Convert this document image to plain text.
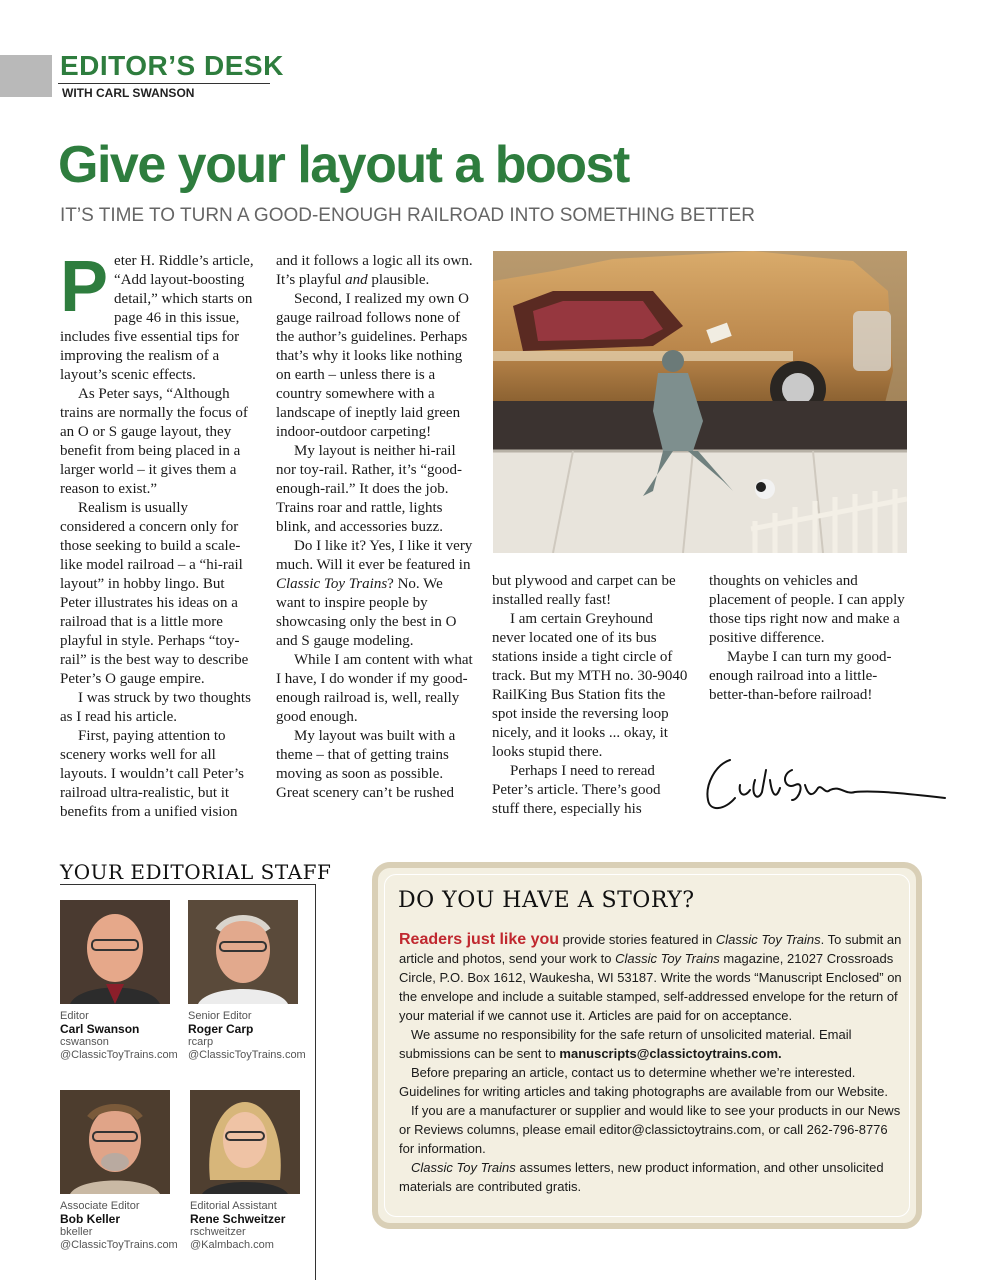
EDITOR’S DESK
WITH CARL SWANSON
Give your layout a boost
IT’S TIME TO TURN A GOOD-ENOUGH RAILROAD INTO SOMETHING BETTER

Peter H. Riddle’s article, “Add layout-boosting detail,” which starts on page 46 in this issue, includes five essential tips for improving the realism of a layout’s scenic effects.

As Peter says, “Although trains are normally the focus of an O or S gauge layout, they benefit from being placed in a larger world – it gives them a reason to exist.”

Realism is usually considered a concern only for those seeking to build a scale-like model railroad – a “hi-rail layout” in hobby lingo. But Peter illustrates his ideas on a railroad that is a little more playful in style. Perhaps “toy-rail” is the best way to describe Peter’s O gauge empire.

I was struck by two thoughts as I read his article.

First, paying attention to scenery works well for all layouts. I wouldn’t call Peter’s railroad ultra-realistic, but it benefits from a unified vision

and it follows a logic all its own. It’s playful and plausible.

Second, I realized my own O gauge railroad follows none of the author’s guidelines. Perhaps that’s why it looks like nothing on earth – unless there is a country somewhere with a landscape of ineptly laid green indoor-outdoor carpeting!

My layout is neither hi-rail nor toy-rail. Rather, it’s “good-enough-rail.” It does the job. Trains roar and rattle, lights blink, and accessories buzz.

Do I like it? Yes, I like it very much. Will it ever be featured in Classic Toy Trains? No. We want to inspire people by showcasing only the best in O and S gauge modeling.

While I am content with what I have, I do wonder if my good-enough railroad is, well, really good enough.

My layout was built with a theme – that of getting trains moving as soon as possible. Great scenery can’t be rushed

but plywood and carpet can be installed really fast!

I am certain Greyhound never located one of its bus stations inside a tight circle of track. But my MTH no. 30-9040 RailKing Bus Station fits the spot inside the reversing loop nicely, and it looks ... okay, it looks stupid there.

Perhaps I need to reread Peter’s article. There’s good stuff there, especially his

thoughts on vehicles and placement of people. I can apply those tips right now and make a positive difference.

Maybe I can turn my good-enough railroad into a little-better-than-before railroad!

YOUR EDITORIAL STAFF
Editor
Carl Swanson
cswanson
@ClassicToyTrains.com
Senior Editor
Roger Carp
rcarp
@ClassicToyTrains.com
Associate Editor
Bob Keller
bkeller
@ClassicToyTrains.com
Editorial Assistant
Rene Schweitzer
rschweitzer
@Kalmbach.com
DO YOU HAVE A STORY?

Readers just like you provide stories featured in Classic Toy Trains. To submit an article and photos, send your work to Classic Toy Trains magazine, 21027 Crossroads Circle, P.O. Box 1612, Waukesha, WI 53187. Write the words “Manuscript Enclosed” on the envelope and include a suitable stamped, self-addressed envelope for the return of your material if we cannot use it. Articles are paid for on acceptance.

We assume no responsibility for the safe return of unsolicited material. Email submissions can be sent to manuscripts@classictoytrains.com.

Before preparing an article, contact us to determine whether we’re interested. Guidelines for writing articles and taking photographs are available from our Website.

If you are a manufacturer or supplier and would like to see your products in our News or Reviews columns, please email editor@classictoytrains.com, or call 262-796-8776 for information.

Classic Toy Trains assumes letters, new product information, and other unsolicited materials are contributed gratis.
